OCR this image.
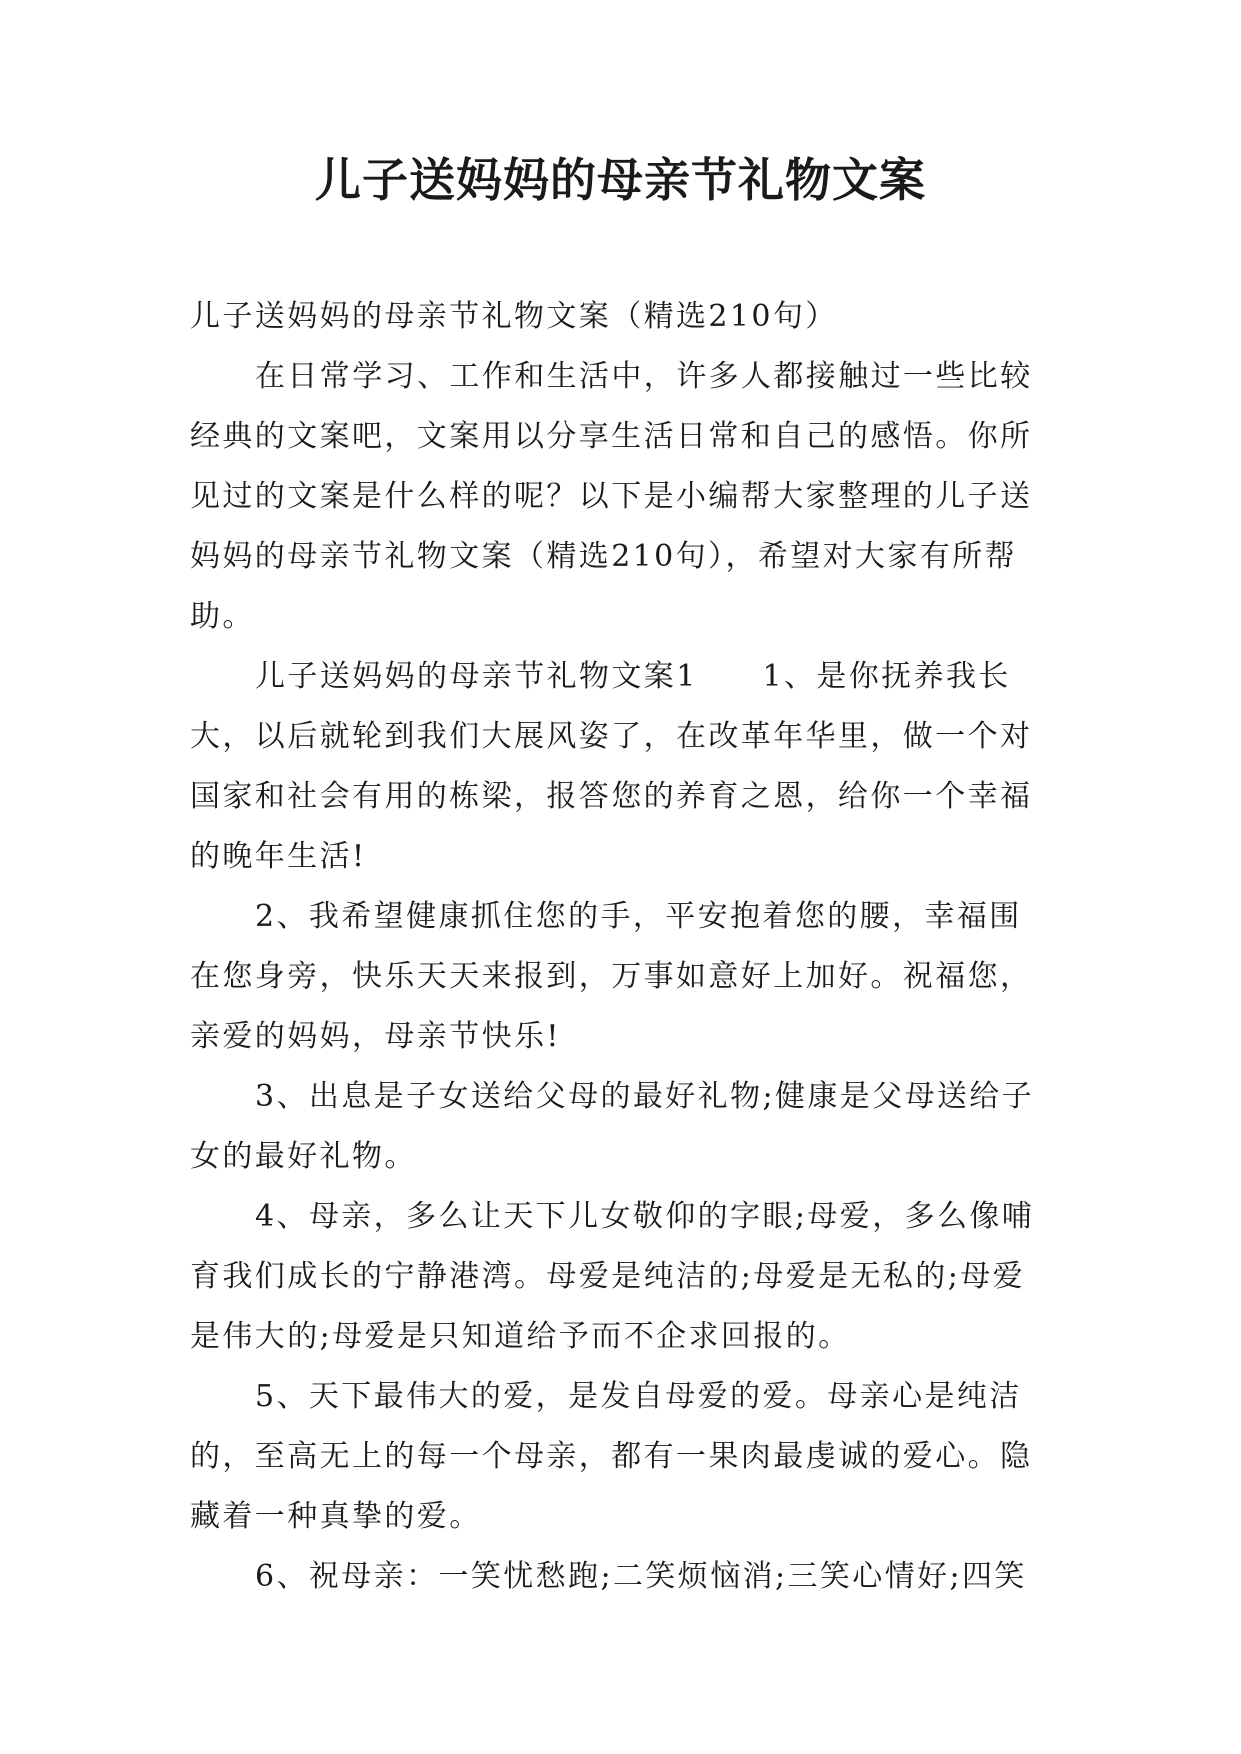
儿子送妈妈的母亲节礼物文案

儿子送妈妈的母亲节礼物文案（精选210句）

在日常学习、工作和生活中，许多人都接触过一些比较经典的文案吧，文案用以分享生活日常和自己的感悟。你所见过的文案是什么样的呢？以下是小编帮大家整理的儿子送妈妈的母亲节礼物文案（精选210句），希望对大家有所帮助。

儿子送妈妈的母亲节礼物文案1　　1、是你抚养我长大，以后就轮到我们大展风姿了，在改革年华里，做一个对国家和社会有用的栋梁，报答您的养育之恩，给你一个幸福的晚年生活!

2、我希望健康抓住您的手，平安抱着您的腰，幸福围在您身旁，快乐天天来报到，万事如意好上加好。祝福您，亲爱的妈妈，母亲节快乐!

3、出息是子女送给父母的最好礼物;健康是父母送给子女的最好礼物。

4、母亲，多么让天下儿女敬仰的字眼;母爱，多么像哺育我们成长的宁静港湾。母爱是纯洁的;母爱是无私的;母爱是伟大的;母爱是只知道给予而不企求回报的。

5、天下最伟大的爱，是发自母爱的爱。母亲心是纯洁的，至高无上的每一个母亲，都有一果肉最虔诚的爱心。隐藏着一种真挚的爱。

6、祝母亲：一笑忧愁跑;二笑烦恼消;三笑心情好;四笑
